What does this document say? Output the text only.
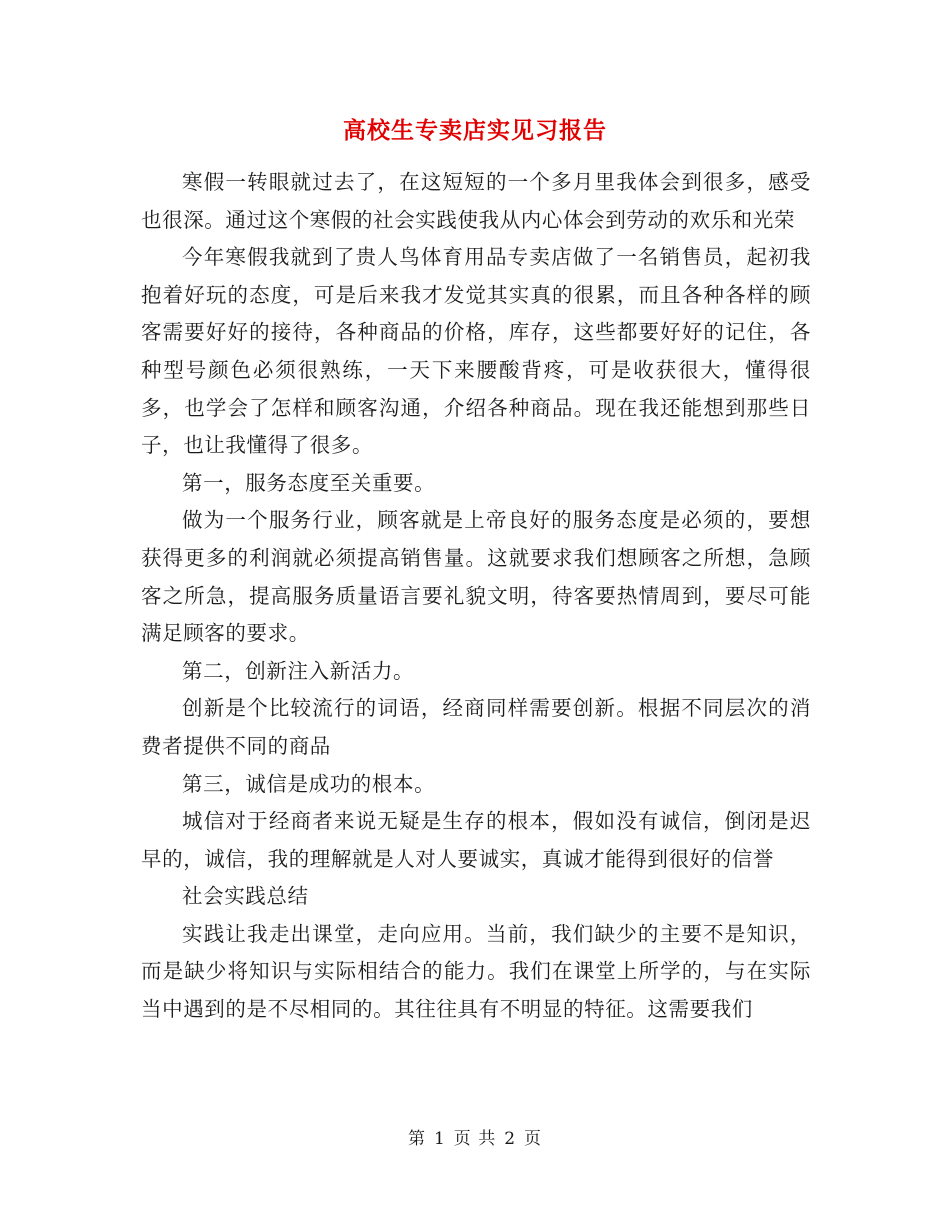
高校生专卖店实见习报告

寒假一转眼就过去了，在这短短的一个多月里我体会到很多，感受也很深。通过这个寒假的社会实践使我从内心体会到劳动的欢乐和光荣

今年寒假我就到了贵人鸟体育用品专卖店做了一名销售员，起初我抱着好玩的态度，可是后来我才发觉其实真的很累，而且各种各样的顾客需要好好的接待，各种商品的价格，库存，这些都要好好的记住，各种型号颜色必须很熟练，一天下来腰酸背疼，可是收获很大，懂得很多，也学会了怎样和顾客沟通，介绍各种商品。现在我还能想到那些日子，也让我懂得了很多。

第一，服务态度至关重要。

做为一个服务行业，顾客就是上帝良好的服务态度是必须的，要想获得更多的利润就必须提高销售量。这就要求我们想顾客之所想，急顾客之所急，提高服务质量语言要礼貌文明，待客要热情周到，要尽可能满足顾客的要求。

第二，创新注入新活力。

创新是个比较流行的词语，经商同样需要创新。根据不同层次的消费者提供不同的商品

第三，诚信是成功的根本。

城信对于经商者来说无疑是生存的根本，假如没有诚信，倒闭是迟早的，诚信，我的理解就是人对人要诚实，真诚才能得到很好的信誉

社会实践总结

实践让我走出课堂，走向应用。当前，我们缺少的主要不是知识，而是缺少将知识与实际相结合的能力。我们在课堂上所学的，与在实际当中遇到的是不尽相同的。其往往具有不明显的特征。这需要我们

第 1 页 共 2 页
